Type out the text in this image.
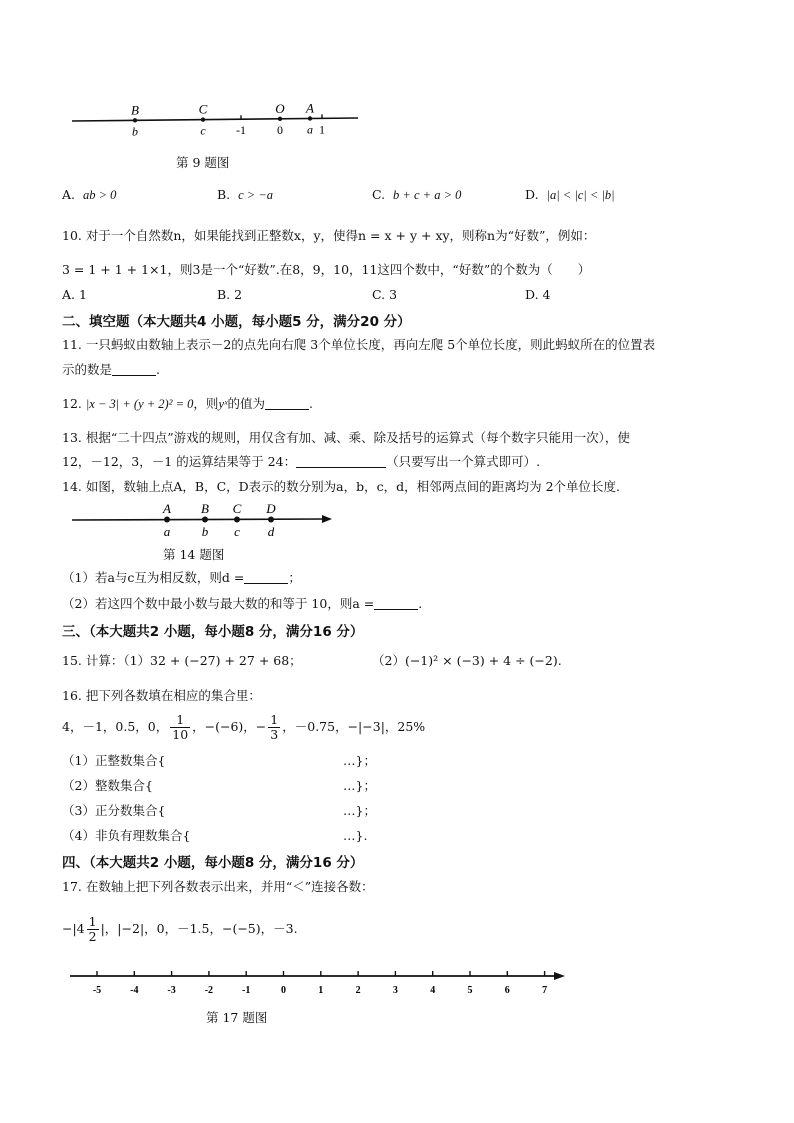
B
b
C
c	-1
O
0
A
a 1
第 9 题图
A. ab > 0	B. c > −a	C. b + c + a > 0	D. |a| < |c| < |b|
10. 对于一个自然数n，如果能找到正整数x，y，使得n = x + y + xy，则称n为“好数”，例如：
3 = 1 + 1 + 1×1，则3是一个“好数”.在8，9，10，11这四个数中，“好数”的个数为（　　）
A. 1	B. 2	C. 3	D. 4
二、填空题（本大题共4 小题，每小题5 分，满分20 分）
11. 一只蚂蚁由数轴上表示－2的点先向右爬 3个单位长度，再向左爬 5个单位长度，则此蚂蚁所在的位置表
示的数是	.
12. |x − 3| + (y + 2)² = 0，则yˣ的值为	.
13. 根据“二十四点”游戏的规则，用仅含有加、减、乘、除及括号的运算式（每个数字只能用一次），使
12，－12，3，－1 的运算结果等于 24：	（只要写出一个算式即可）.
14. 如图，数轴上点A，B，C，D表示的数分别为a，b，c，d，相邻两点间的距离均为 2个单位长度.
A
a
B
b
C
c
D
d
第 14 题图
（1）若a与c互为相反数，则d =	；
（2）若这四个数中最小数与最大数的和等于 10，则a =	.
三、（本大题共2 小题，每小题8 分，满分16 分）
15. 计算：（1）32 + (−27) + 27 + 68；	（2）(−1)² × (−3) + 4 ÷ (−2).
16. 把下列各数填在相应的集合里：
4，－1，0.5，0， $\frac{1}{10}$ ，−(−6)，− $\frac{1}{3}$ ，－0.75，−|−3|，25%
（1）正整数集合{	…}；
（2）整数集合{	…}；
（3）正分数集合{	…}；
（4）非负有理数集合{	…}.
四、（本大题共2 小题，每小题8 分，满分16 分）
17. 在数轴上把下列各数表示出来，并用“＜”连接各数：
$-|4 \frac{1}{2}$ |，|−2|，0，－1.5，−(−5)，－3.
-5	-4	-3	-2	-1	0	1	2	3	4	5	6	7
第 17 题图
